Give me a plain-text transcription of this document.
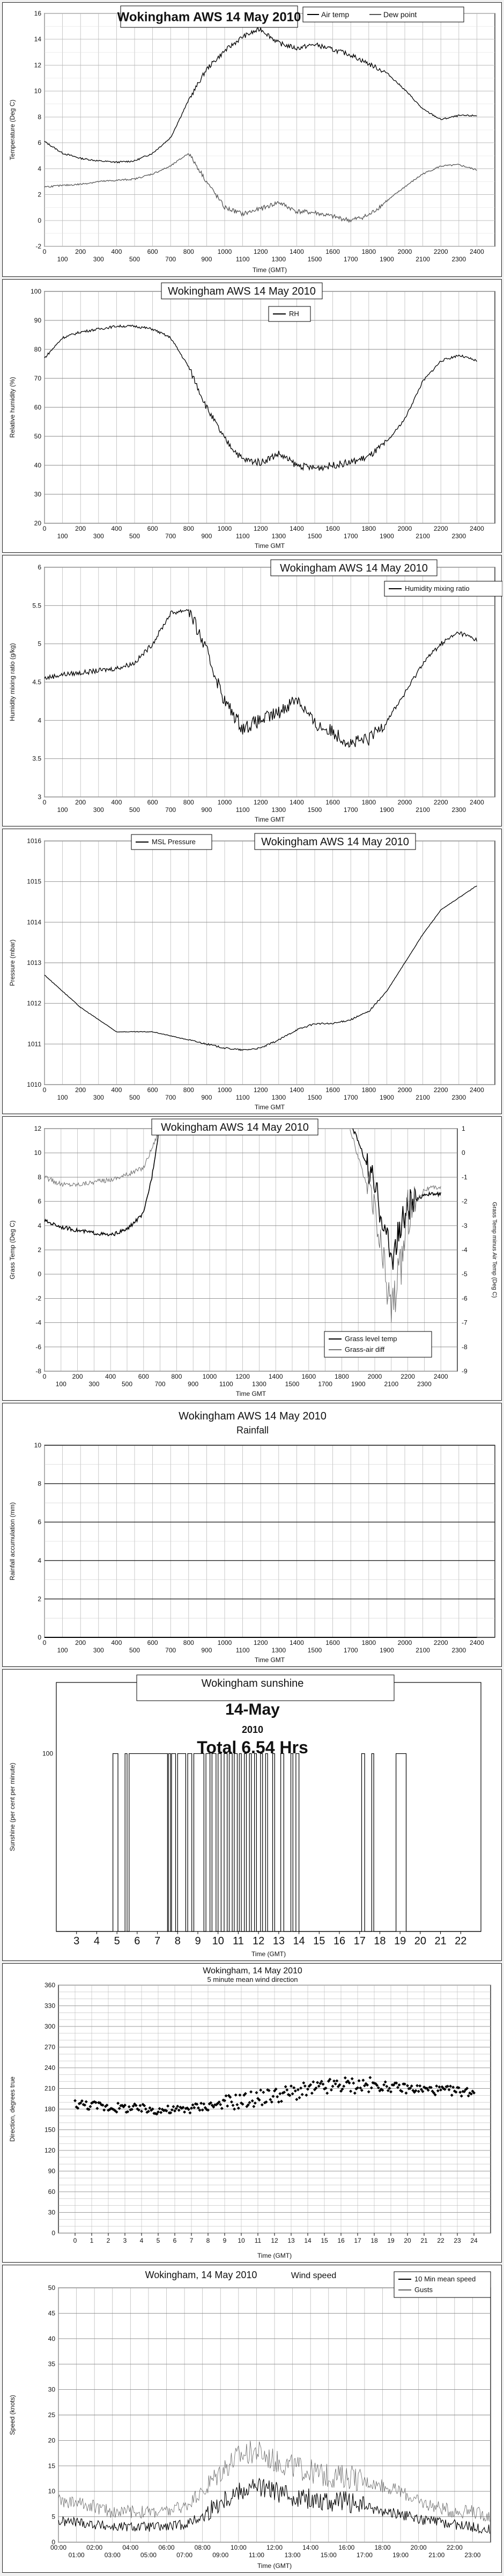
0	200	400	600	800	1000	1200	1400	1600	1800	2000	2200	2400
100	300	500	700	900	1100	1300	1500	1700	1900	2100	2300
-2
0
2
4
6
8
10
12
14
16
Time (GMT)
Temperature (Deg C)
Wokingham AWS 14 May 2010	Air temp	Dew point
0	200	400	600	800	1000	1200	1400	1600	1800	2000	2200	2400
100	300	500	700	900	1100	1300	1500	1700	1900	2100	2300
20
30
40
50
60
70
80
90
100
Time GMT
Relative humidity (%)
Wokingham AWS 14 May 2010
RH
0	200	400	600	800	1000	1200	1400	1600	1800	2000	2200	2400
100	300	500	700	900	1100	1300	1500	1700	1900	2100	2300
3
3.5
4
4.5
5
5.5
6
Time GMT
Humidity mixing ratio (g/kg)
Wokingham AWS 14 May 2010
Humidity mixing ratio
0	200	400	600	800	1000	1200	1400	1600	1800	2000	2200	2400
100	300	500	700	900	1100	1300	1500	1700	1900	2100	2300
1010
1011
1012
1013
1014
1015
1016
Time GMT
Pressure (mbar)
Wokingham AWS 14 May 2010
MSL Pressure
0	200	400	600	800	1000	1200	1400	1600	1800	2000	2200	2400
100	300	500	700	900	1100	1300	1500	1700	1900	2100	2300
-8
-6
-4
-2
0
2
4
6
8
10
12
-9
-8
-7
-6
-5
-4
-3
-2
-1
0
1
Grass Temp minus Air Temp (Deg C)
Time GMT
Grass Temp (Deg C)
Wokingham AWS 14 May 2010
Grass level temp
Grass-air diff
0	200	400	600	800	1000	1200	1400	1600	1800	2000	2200	2400
100	300	500	700	900	1100	1300	1500	1700	1900	2100	2300
0
2
4
6
8
10
Time GMT
Rainfall accumulation (mm)
Wokingham AWS 14 May 2010
Rainfall
3 4 5 6 7 8 9 10 11 12 13 14 15 16 17 18 19 20 21 22
100
Time (GMT)
Sunshine (per cent per minute)
Wokingham sunshine
14-May
2010
Total 6.54 Hrs
0 1 2 3 4 5 6 7 8 9 10 11 12 13 14 15 16 17 18 19 20 21 22 23 24
0
30
60
90
120
150
180
210
240
270
300
330
360
Time (GMT)
Direction, degrees true
Wokingham, 14 May 2010
5 minute mean wind direction
00:00	02:00	04:00	06:00	08:00	10:00	12:00	14:00	16:00	18:00	20:00	22:00
01:00	03:00	05:00	07:00	09:00	11:00	13:00	15:00	17:00	19:00	21:00	23:00
0
5
10
15
20
25
30
35
40
45
50
Time (GMT)
Speed (knots)
Wokingham, 14 May 2010	Wind speed	10 Min mean speed
Gusts
